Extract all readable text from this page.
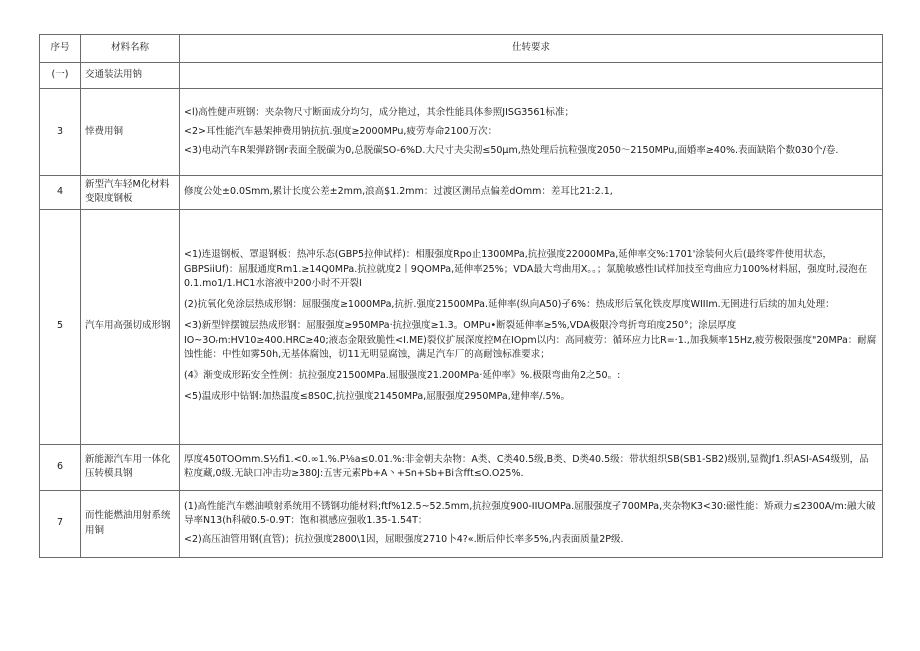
序号	材料名称	仕转要求
(一)	交通装法用钠	
3	悻费用铜	<l)高性健声班钢：夹杂物尺寸断面成分均匀，成分艳过，其余性能具体参照JISG3561标准；

<2>耳性能汽车悬架抻费用钠抗抗.强度≥2000MPu,疲劳寿命2100万次：

<3)电动汽车R架弹跻钢r表面全脱碳为0,总脱碳SO-6%D.大尺寸夬尖沏≤50μm,热处理后抗粒强度2050〜2150MPu,面婚率≥40%.表面缺陷个数030个/卷.

4	新型汽车轻M化材料变限度钢板	修度公处±0.0Smm,累计长度公差±2mm,浪高$1.2mm：过渡区测吊点偏差dOmm：差耳比21:2.1,

5	汽车用高强切成形钢	<1)连退钢板、罩退钢板：热冲乐态(GBP5拉伸试样)：相服强度Rpo止1300MPa,抗拉强度22000MPa,延伸率交%:1701'涂装何火后(最终零件使用状态，GBPSiiUf)：屈服通度Rm1.≥14Q0MPa.抗拉就度2丨9QOMPa,延伸率25%；VDA最大弯曲用X。。；氯脆敏感性l试样加技至弯曲应力100%材料屈，强度时,浸泡在0.1.mo1/1.HC1水溶液中200小时不开裂I

(2)抗氧化免涂层热成形钢：屈服强度≥1000MPa,抗折.强度21500MPa.延伸率(纵向A50)孑6%：热成形后氧化铁皮厚度WIIIm.无圉进行后续的加丸处理：

<3)新型锌摆镀层热成形钢：屈服强度≥950MPa·抗拉强度≥1.3。OMPu•断裂延伸率≥5%,VDA极限冷弯折弯珀度250°；涂层厚度IO~3Oᵣm:HV10≥400.HRC≥40;液态金限致脆性<I.ME)裂仪扩展深度控M在IOpm以内：高同疲劳：循环应力比R=·1.,加我频率15Hz,疲劳极限强度"20MPa：耐腐蚀性能：中性如雾50h,无基体腐蚀，切11无明显腐蚀，满足汽车厂的高耐蚀标准要求；

(4》渐变成形跖安全性例：抗拉强度21500MPa.屈服强度21.200MPa·延仲率》%.极限弯曲角2之50。:

<5)温成形中钻钢:加热温度≤8S0C,抗拉强度21450MPa,屈服强度2950MPa,建伸率/.5%。

6	新能源汽车用一体化压转模具钢	厚度450TOOmm.S½fi1.<0.∞1.%.P⅛a≤0.01.%:非金朝夫杂物：A类、C类40.5级,B类、D类40.5级：带状组织SB(SB1-SB2)级别,显微Jf1.织ASI-AS4级别，品粒度藏,0级.无缺口冲击功≥380J:五害元素Pb+A丶+Sn+Sb+Bi含fft≤O.O25%.

7	而性能燃油用射系统用铜	(1)高性能汽车燃油喷射系统用不锈钢功能材料;ftf%12.5~52.5mm,抗拉强度900-IIUOMPa.屈服强度孑700MPa,夹杂物K3<30:磁性能：矫顽力≤2300A/m:融大破导率N13(h科破0.5-0.9T：饱和祺感应强收1.35-1.54T：

<2)高压油管用钢(直管)；抗拉强度2800\1因，屈眼强度2710卜4?«.断后仲长率多5%,内表面质量2P级.
